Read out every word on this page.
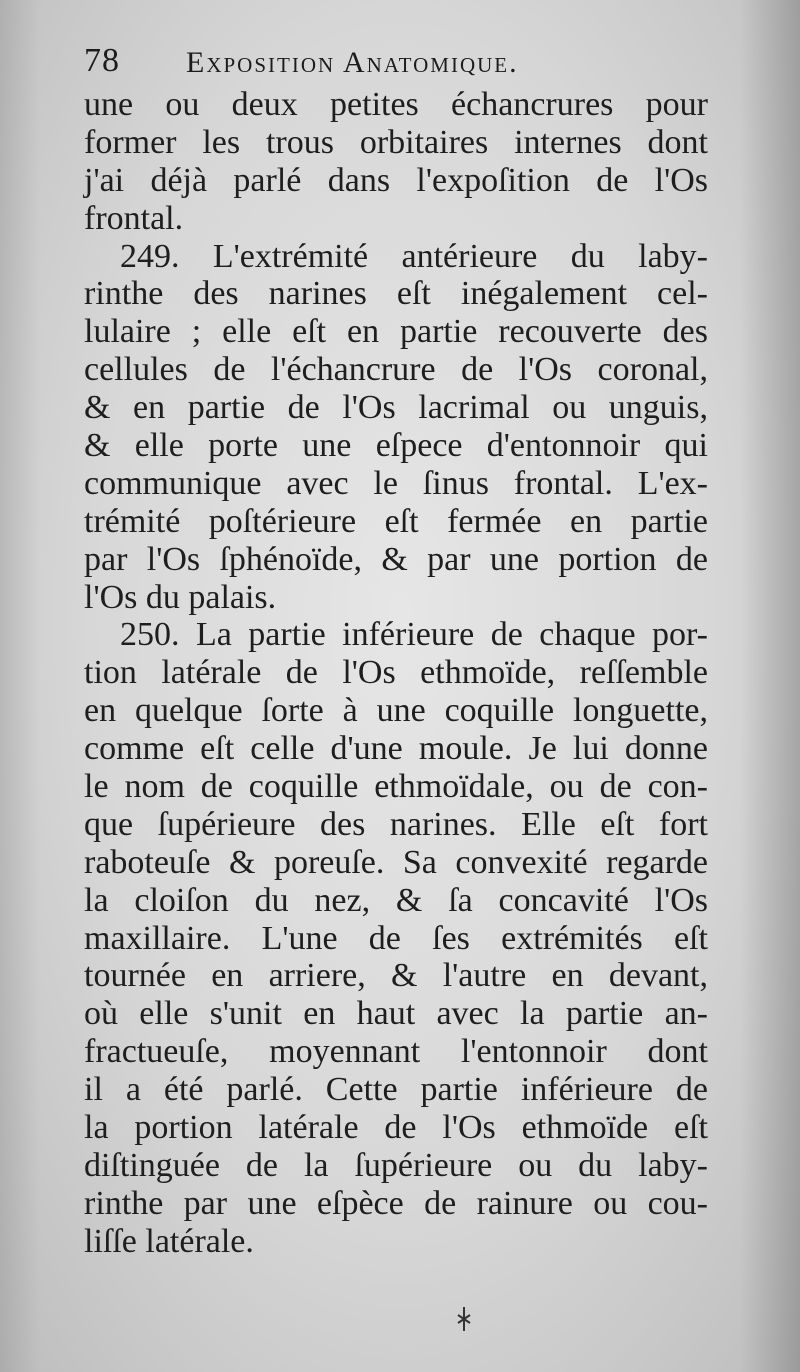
78 Exposition Anatomique.
une ou deux petites échancrures pour
former les trous orbitaires internes dont
j'ai déjà parlé dans l'expoſition de l'Os
frontal.
249. L'extrémité antérieure du laby-
rinthe des narines eſt inégalement cel-
lulaire ; elle eſt en partie recouverte des
cellules de l'échancrure de l'Os coronal,
& en partie de l'Os lacrimal ou unguis,
& elle porte une eſpece d'entonnoir qui
communique avec le ſinus frontal. L'ex-
trémité poſtérieure eſt fermée en partie
par l'Os ſphénoïde, & par une portion de
l'Os du palais.
250. La partie inférieure de chaque por-
tion latérale de l'Os ethmoïde, reſſemble
en quelque ſorte à une coquille longuette,
comme eſt celle d'une moule. Je lui donne
le nom de coquille ethmoïdale, ou de con-
que ſupérieure des narines. Elle eſt fort
raboteuſe & poreuſe. Sa convexité regarde
la cloiſon du nez, & ſa concavité l'Os
maxillaire. L'une de ſes extrémités eſt
tournée en arriere, & l'autre en devant,
où elle s'unit en haut avec la partie an-
fractueuſe, moyennant l'entonnoir dont
il a été parlé. Cette partie inférieure de
la portion latérale de l'Os ethmoïde eſt
diſtinguée de la ſupérieure ou du laby-
rinthe par une eſpèce de rainure ou cou-
liſſe latérale.
